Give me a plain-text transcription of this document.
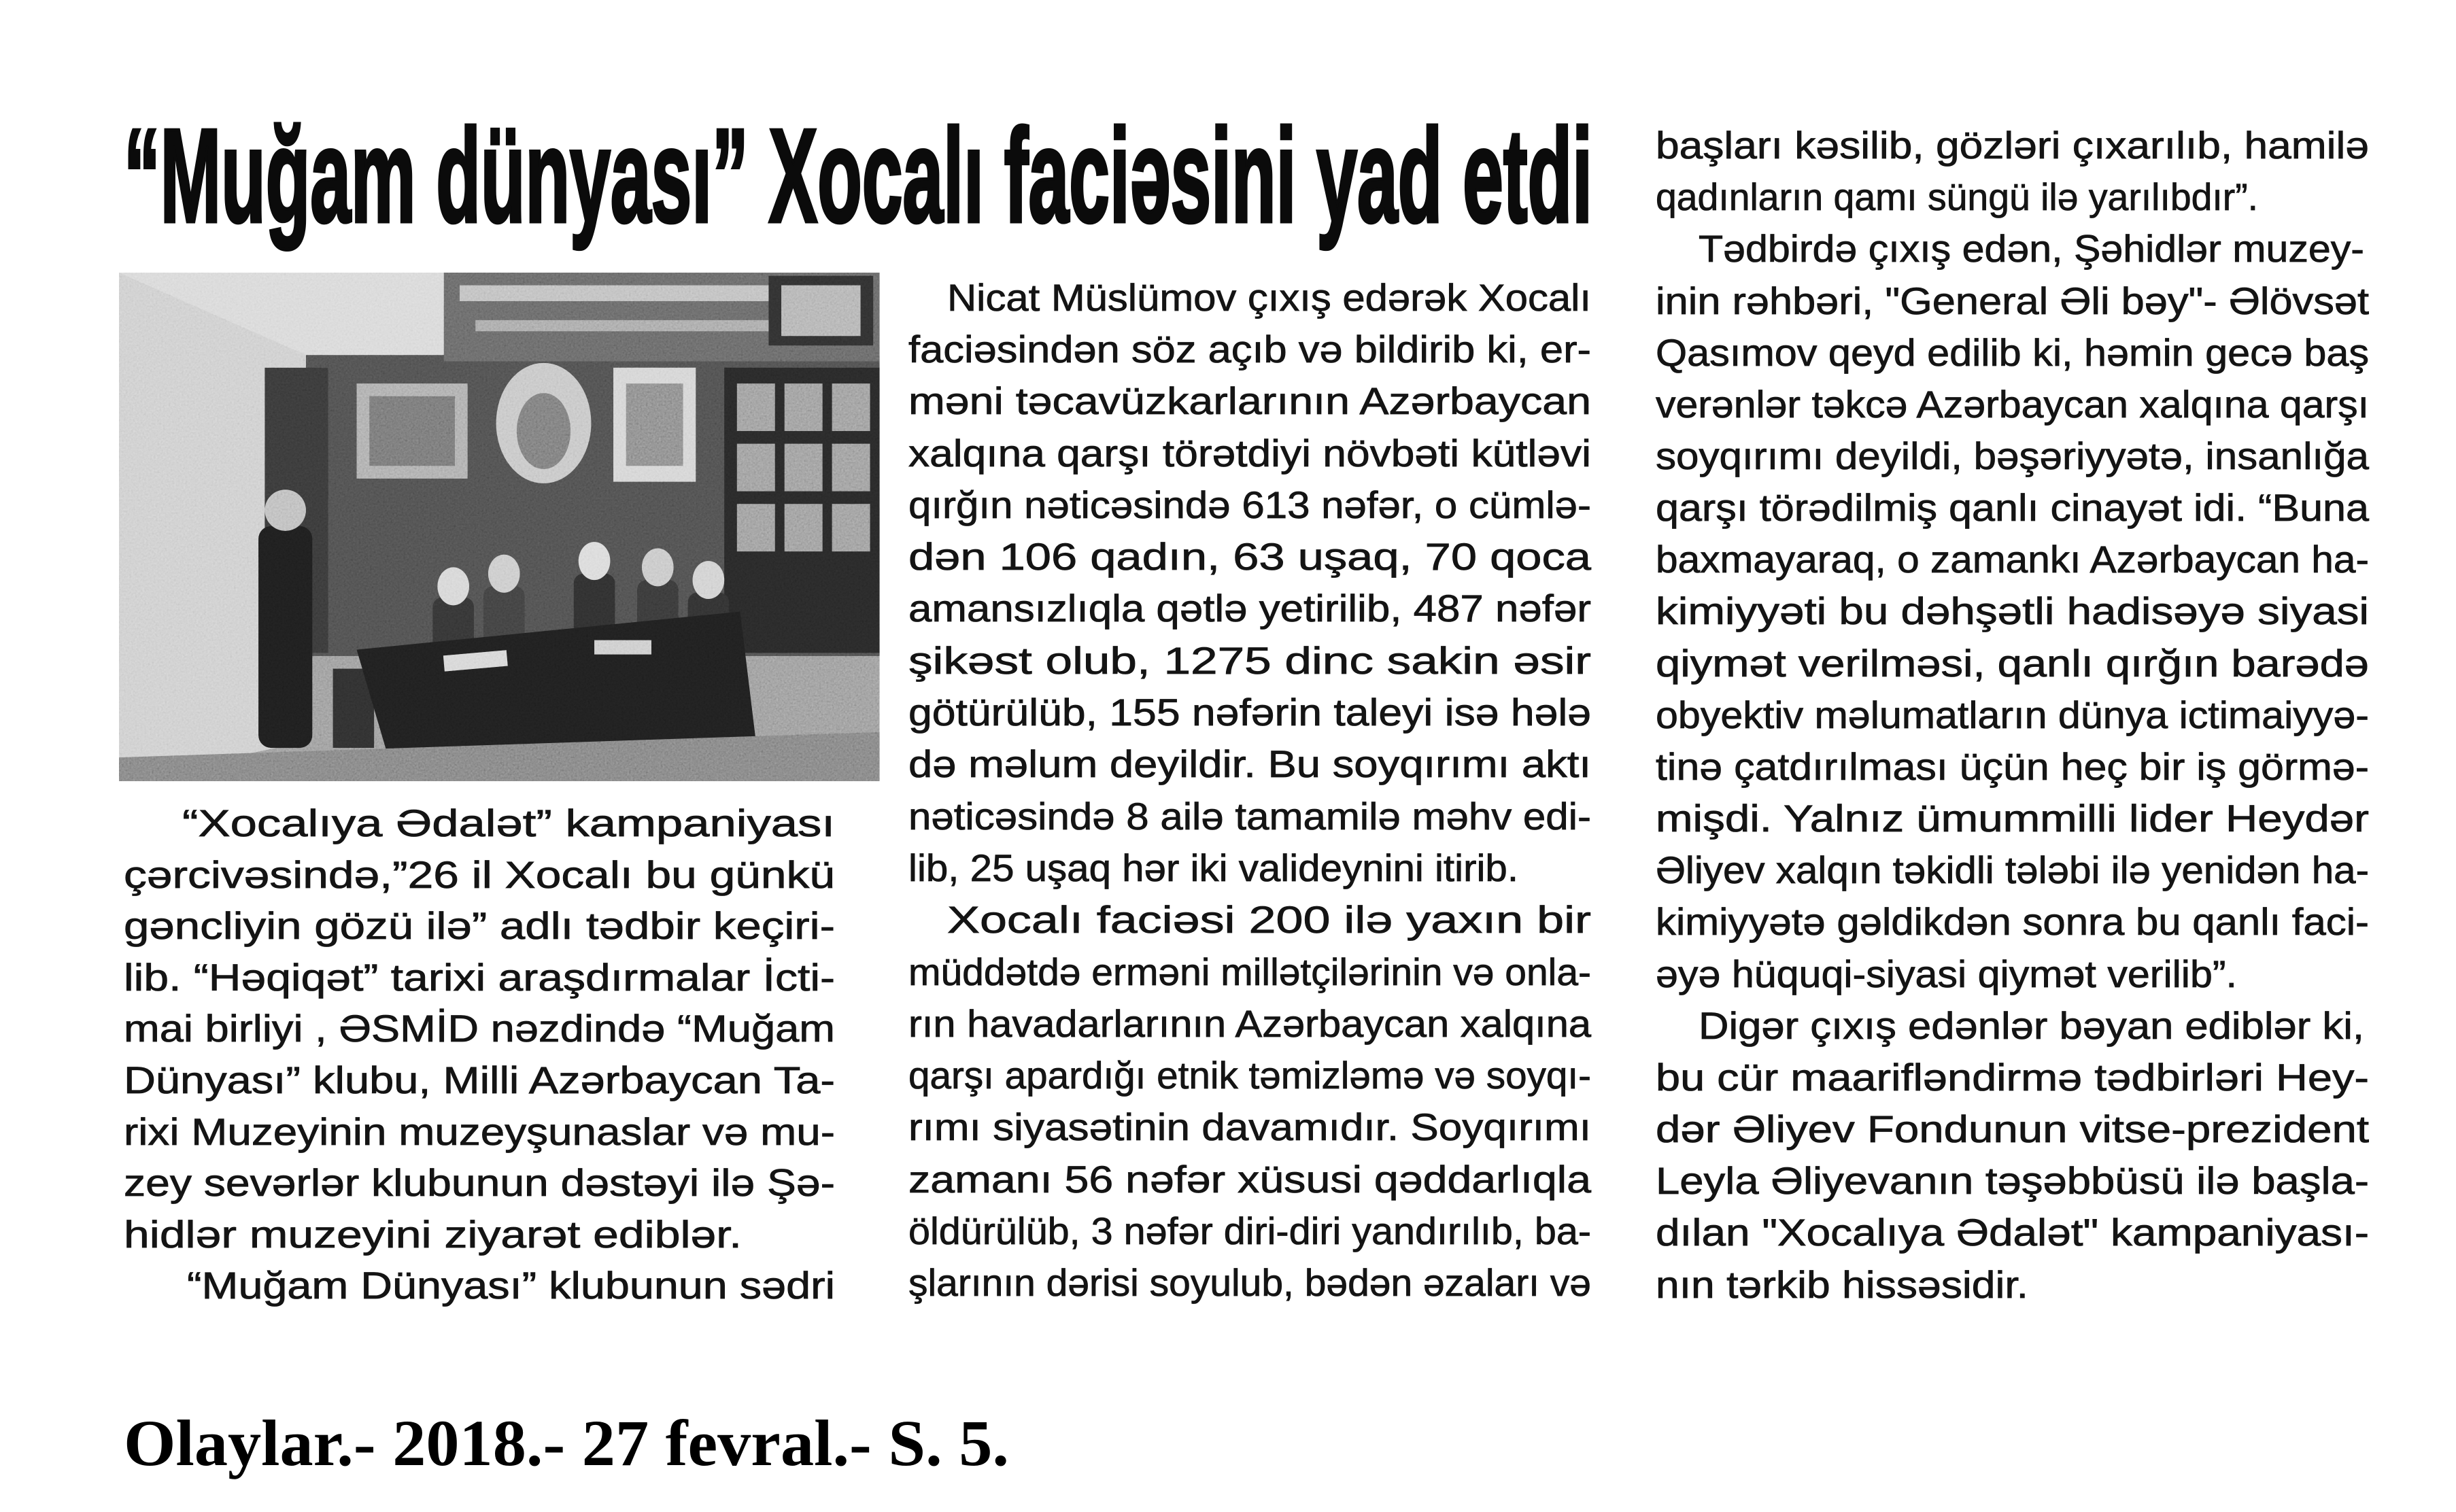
“Muğam dünyası” Xocalı faciəsini yad etdi
“Xocalıya Ədalət” kampaniyası
çərcivəsində,”26 il Xocalı bu günkü
gəncliyin gözü ilə” adlı tədbir keçiri-
lib. “Həqiqət” tarixi araşdırmalar İcti-
mai birliyi , ƏSMİD nəzdində “Muğam
Dünyası” klubu, Milli Azərbaycan Ta-
rixi Muzeyinin muzeyşunaslar və mu-
zey sevərlər klubunun dəstəyi ilə Şə-
hidlər muzeyini ziyarət ediblər.
“Muğam Dünyası” klubunun sədri
Nicat Müslümov çıxış edərək Xocalı
faciəsindən söz açıb və bildirib ki, er-
məni təcavüzkarlarının Azərbaycan
xalqına qarşı törətdiyi növbəti kütləvi
qırğın nəticəsində 613 nəfər, o cümlə-
dən 106 qadın, 63 uşaq, 70 qoca
amansızlıqla qətlə yetirilib, 487 nəfər
şikəst olub, 1275 dinc sakin əsir
götürülüb, 155 nəfərin taleyi isə hələ
də məlum deyildir. Bu soyqırımı aktı
nəticəsində 8 ailə tamamilə məhv edi-
lib, 25 uşaq hər iki valideynini itirib.
Xocalı faciəsi 200 ilə yaxın bir
müddətdə erməni millətçilərinin və onla-
rın havadarlarının Azərbaycan xalqına
qarşı apardığı etnik təmizləmə və soyqı-
rımı siyasətinin davamıdır. Soyqırımı
zamanı 56 nəfər xüsusi qəddarlıqla
öldürülüb, 3 nəfər diri-diri yandırılıb, ba-
şlarının dərisi soyulub, bədən əzaları və
başları kəsilib, gözləri çıxarılıb, hamilə
qadınların qamı süngü ilə yarılıbdır”.
Tədbirdə çıxış edən, Şəhidlər muzey-
inin rəhbəri, "General Əli bəy"- Əlövsət
Qasımov qeyd edilib ki, həmin gecə baş
verənlər təkcə Azərbaycan xalqına qarşı
soyqırımı deyildi, bəşəriyyətə, insanlığa
qarşı törədilmiş qanlı cinayət idi. “Buna
baxmayaraq, o zamankı Azərbaycan ha-
kimiyyəti bu dəhşətli hadisəyə siyasi
qiymət verilməsi, qanlı qırğın barədə
obyektiv məlumatların dünya ictimaiyyə-
tinə çatdırılması üçün heç bir iş görmə-
mişdi. Yalnız ümummilli lider Heydər
Əliyev xalqın təkidli tələbi ilə yenidən ha-
kimiyyətə gəldikdən sonra bu qanlı faci-
əyə hüquqi-siyasi qiymət verilib”.
Digər çıxış edənlər bəyan ediblər ki,
bu cür maarifləndirmə tədbirləri Hey-
dər Əliyev Fondunun vitse-prezident
Leyla Əliyevanın təşəbbüsü ilə başla-
dılan "Xocalıya Ədalət" kampaniyası-
nın tərkib hissəsidir.
Olaylar.- 2018.- 27 fevral.- S. 5.
